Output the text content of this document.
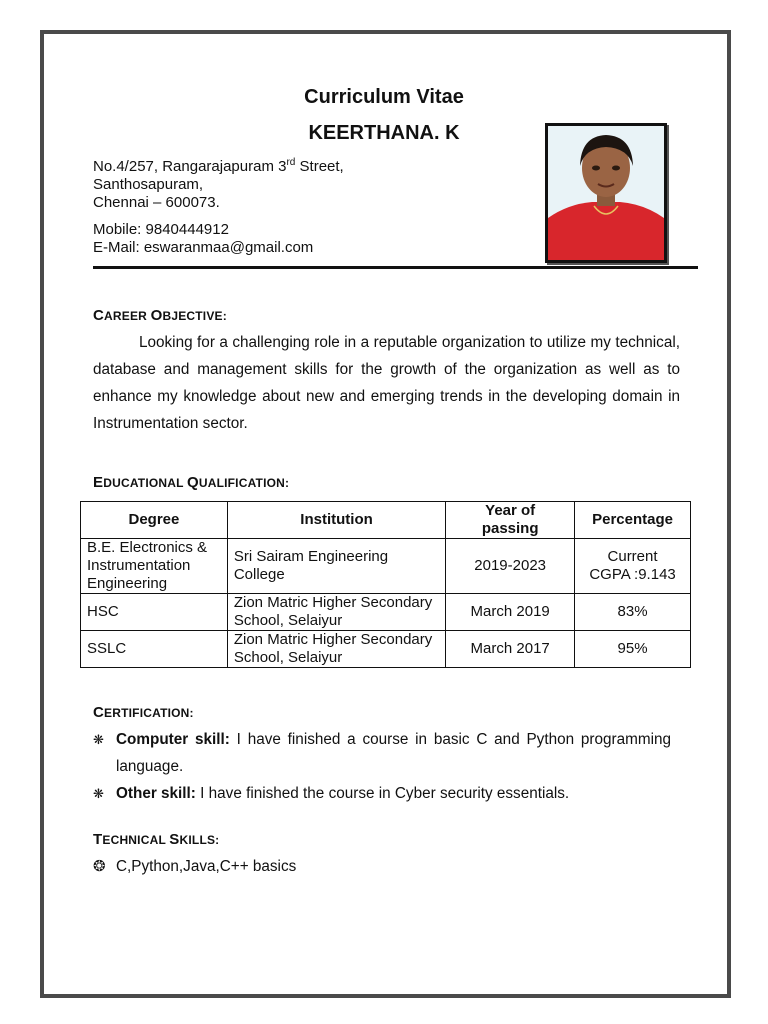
Curriculum Vitae
KEERTHANA. K
No.4/257, Rangarajapuram 3rd Street,
Santhosapuram,
Chennai – 600073.
Mobile: 9840444912
E-Mail: eswaranmaa@gmail.com
CAREER OBJECTIVE:
Looking for a challenging role in a reputable organization to utilize my technical, database and management skills for the growth of the organization as well as to enhance my knowledge about new and emerging trends in the developing domain in Instrumentation sector.
EDUCATIONAL QUALIFICATION:
Degree	Institution	Year of passing	Percentage
B.E. Electronics & Instrumentation Engineering	Sri Sairam Engineering College	2019-2023	Current CGPA :9.143
HSC	Zion Matric Higher Secondary School, Selaiyur	March 2019	83%
SSLC	Zion Matric Higher Secondary School, Selaiyur	March 2017	95%
CERTIFICATION:
❋ Computer skill: I have finished a course in basic C and Python programming language.
❋ Other skill: I have finished the course in Cyber security essentials.
TECHNICAL SKILLS:
❂ C,Python,Java,C++ basics
